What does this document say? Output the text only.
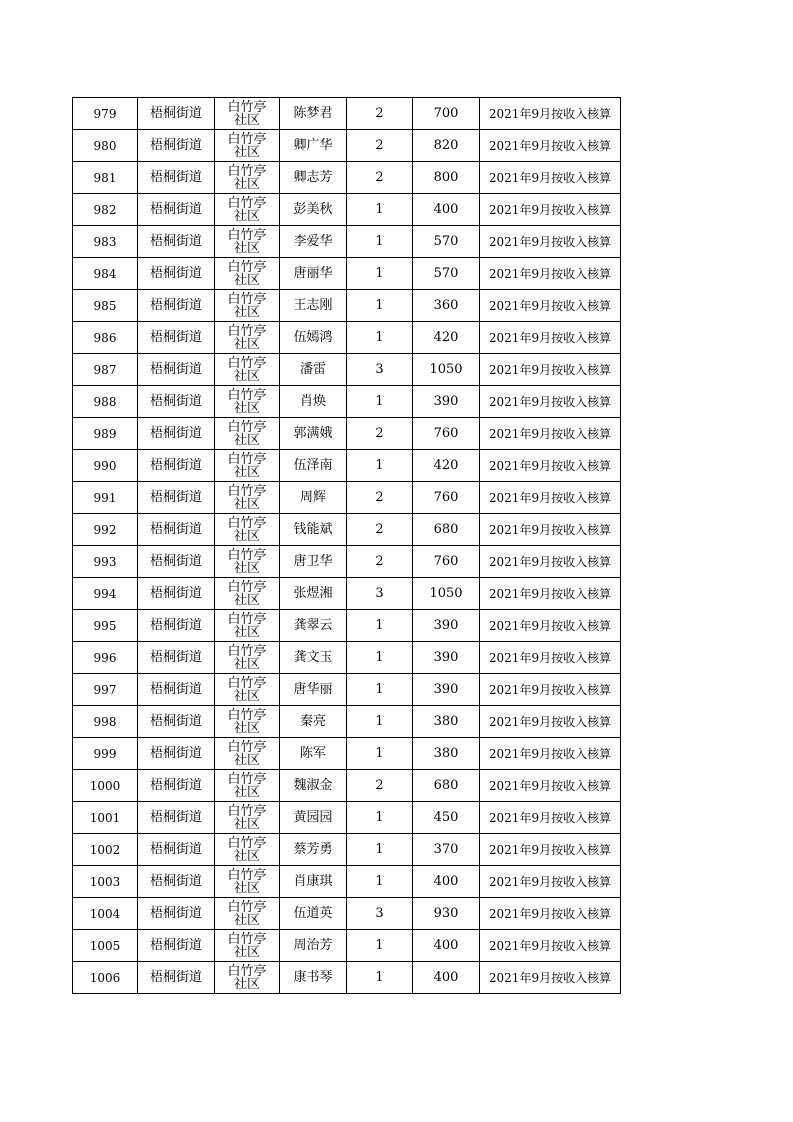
979	梧桐街道	白竹亭社区	陈梦君	2	700	2021年9月按收入核算
980	梧桐街道	白竹亭社区	卿广华	2	820	2021年9月按收入核算
981	梧桐街道	白竹亭社区	卿志芳	2	800	2021年9月按收入核算
982	梧桐街道	白竹亭社区	彭美秋	1	400	2021年9月按收入核算
983	梧桐街道	白竹亭社区	李爱华	1	570	2021年9月按收入核算
984	梧桐街道	白竹亭社区	唐丽华	1	570	2021年9月按收入核算
985	梧桐街道	白竹亭社区	王志刚	1	360	2021年9月按收入核算
986	梧桐街道	白竹亭社区	伍嫣鸿	1	420	2021年9月按收入核算
987	梧桐街道	白竹亭社区	潘雷	3	1050	2021年9月按收入核算
988	梧桐街道	白竹亭社区	肖焕	1	390	2021年9月按收入核算
989	梧桐街道	白竹亭社区	郭满娥	2	760	2021年9月按收入核算
990	梧桐街道	白竹亭社区	伍泽南	1	420	2021年9月按收入核算
991	梧桐街道	白竹亭社区	周辉	2	760	2021年9月按收入核算
992	梧桐街道	白竹亭社区	钱能斌	2	680	2021年9月按收入核算
993	梧桐街道	白竹亭社区	唐卫华	2	760	2021年9月按收入核算
994	梧桐街道	白竹亭社区	张煜湘	3	1050	2021年9月按收入核算
995	梧桐街道	白竹亭社区	龚翠云	1	390	2021年9月按收入核算
996	梧桐街道	白竹亭社区	龚文玉	1	390	2021年9月按收入核算
997	梧桐街道	白竹亭社区	唐华丽	1	390	2021年9月按收入核算
998	梧桐街道	白竹亭社区	秦亮	1	380	2021年9月按收入核算
999	梧桐街道	白竹亭社区	陈军	1	380	2021年9月按收入核算
1000	梧桐街道	白竹亭社区	魏淑金	2	680	2021年9月按收入核算
1001	梧桐街道	白竹亭社区	黄园园	1	450	2021年9月按收入核算
1002	梧桐街道	白竹亭社区	蔡芳勇	1	370	2021年9月按收入核算
1003	梧桐街道	白竹亭社区	肖康琪	1	400	2021年9月按收入核算
1004	梧桐街道	白竹亭社区	伍道英	3	930	2021年9月按收入核算
1005	梧桐街道	白竹亭社区	周治芳	1	400	2021年9月按收入核算
1006	梧桐街道	白竹亭社区	康书琴	1	400	2021年9月按收入核算
